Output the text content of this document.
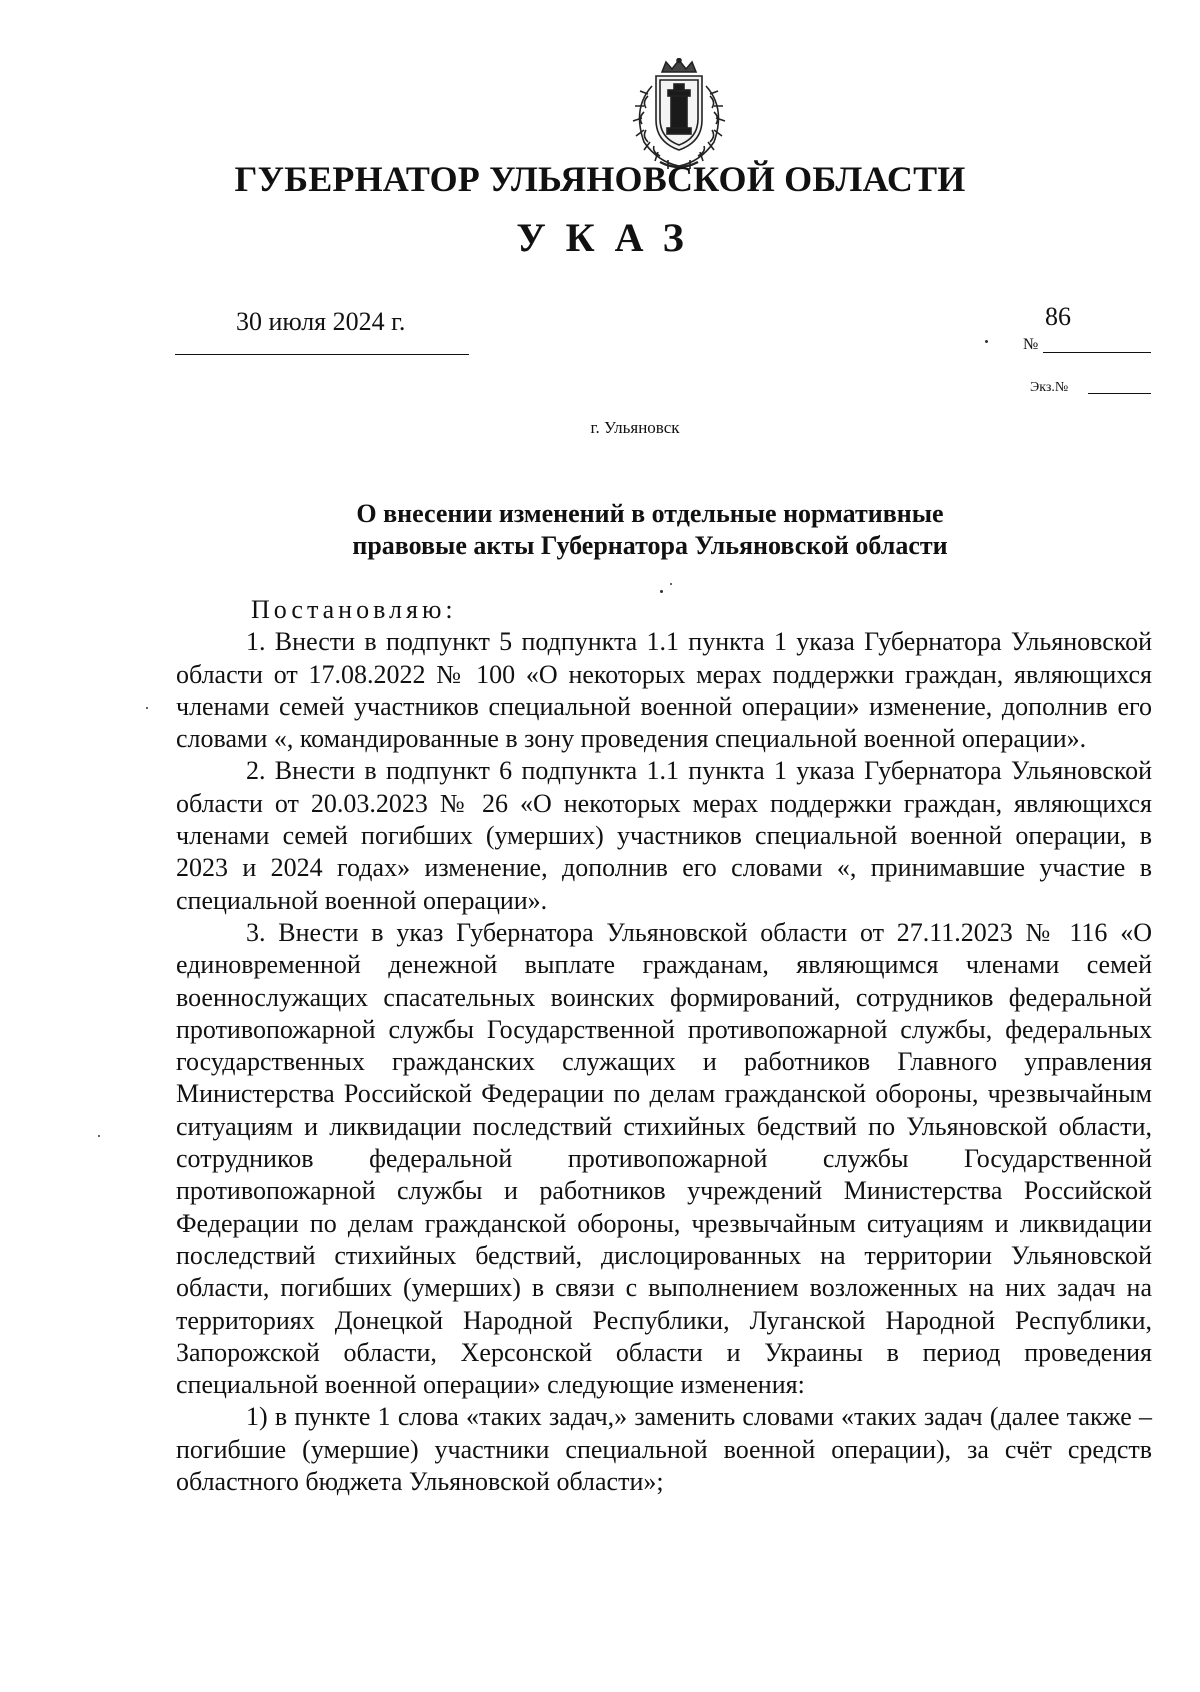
ГУБЕРНАТОР УЛЬЯНОВСКОЙ ОБЛАСТИ
УКАЗ
30 июля 2024 г.	86
№
Экз.№
г. Ульяновск
О внесении изменений в отдельные нормативные
правовые акты Губернатора Ульяновской области

Постановляю:

1. Внести в подпункт 5 подпункта 1.1 пункта 1 указа Губернатора Ульяновской области от 17.08.2022 № 100 «О некоторых мерах поддержки граждан, являющихся членами семей участников специальной военной операции» изменение, дополнив его словами «, командированные в зону проведения специальной военной операции».

2. Внести в подпункт 6 подпункта 1.1 пункта 1 указа Губернатора Ульяновской области от 20.03.2023 № 26 «О некоторых мерах поддержки граждан, являющихся членами семей погибших (умерших) участников специальной военной операции, в 2023 и 2024 годах» изменение, дополнив его словами «, принимавшие участие в специальной военной операции».

3. Внести в указ Губернатора Ульяновской области от 27.11.2023 № 116 «О единовременной денежной выплате гражданам, являющимся членами семей военнослужащих спасательных воинских формирований, сотрудников федеральной противопожарной службы Государственной противопожарной службы, федеральных государственных гражданских служащих и работников Главного управления Министерства Российской Федерации по делам гражданской обороны, чрезвычайным ситуациям и ликвидации последствий стихийных бедствий по Ульяновской области, сотрудников федеральной противопожарной службы Государственной противопожарной службы и работников учреждений Министерства Российской Федерации по делам гражданской обороны, чрезвычайным ситуациям и ликвидации последствий стихийных бедствий, дислоцированных на территории Ульяновской области, погибших (умерших) в связи с выполнением возложенных на них задач на территориях Донецкой Народной Республики, Луганской Народной Республики, Запорожской области, Херсонской области и Украины в период проведения специальной военной операции» следующие изменения:

1) в пункте 1 слова «таких задач,» заменить словами «таких задач (далее также – погибшие (умершие) участники специальной военной операции), за счёт средств областного бюджета Ульяновской области»;
